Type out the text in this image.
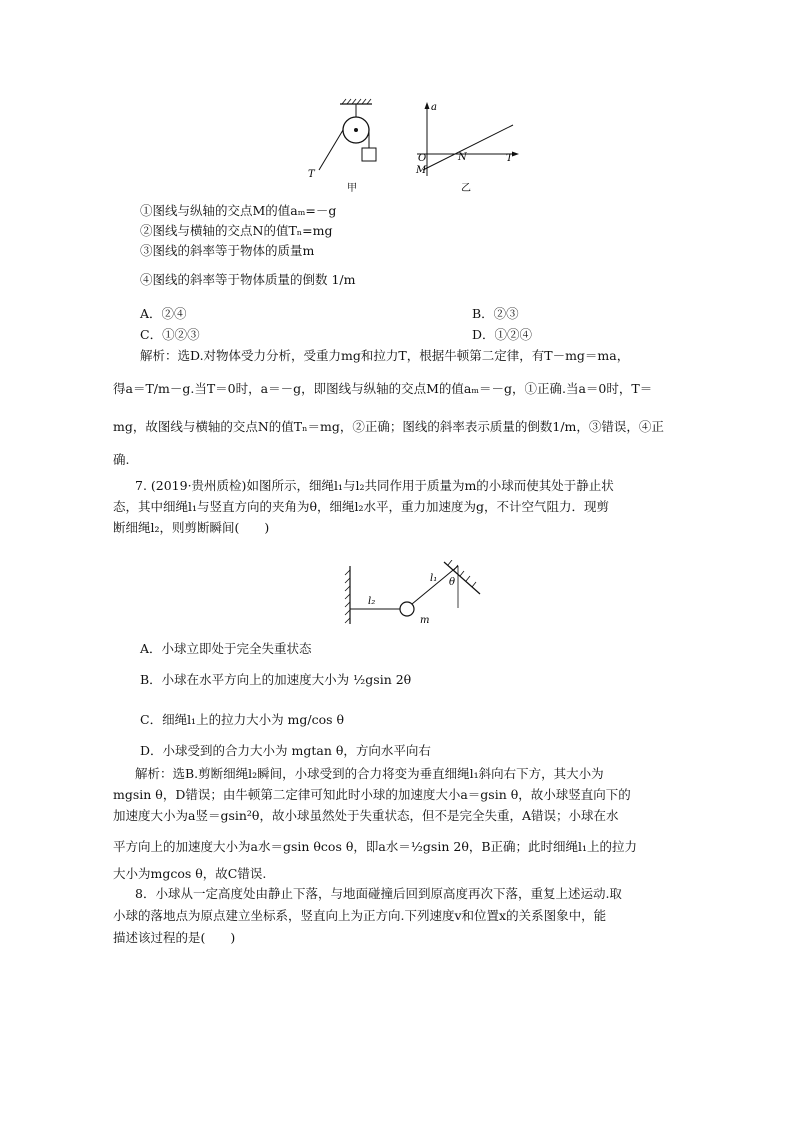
T
甲
a
O	N	T
M
乙
①图线与纵轴的交点M的值aₘ=－g
②图线与横轴的交点N的值Tₙ=mg
③图线的斜率等于物体的质量m
④图线的斜率等于物体质量的倒数 1/m
A．②④	B．②③
C．①②③	D．①②④
解析：选D.对物体受力分析，受重力mg和拉力T，根据牛顿第二定律，有T－mg＝ma，
得a＝T/m－g.当T＝0时，a＝－g，即图线与纵轴的交点M的值aₘ＝－g，①正确.当a＝0时，T＝
mg，故图线与横轴的交点N的值Tₙ＝mg，②正确；图线的斜率表示质量的倒数1/m，③错误，④正
确.
7. (2019·贵州质检)如图所示，细绳l₁与l₂共同作用于质量为m的小球而使其处于静止状
态，其中细绳l₁与竖直方向的夹角为θ，细绳l₂水平，重力加速度为g，不计空气阻力．现剪
断细绳l₂，则剪断瞬间(　　)
l₂
l₁ θ
m
A．小球立即处于完全失重状态
B．小球在水平方向上的加速度大小为 ½gsin 2θ
C．细绳l₁上的拉力大小为 mg/cos θ
D．小球受到的合力大小为 mgtan θ，方向水平向右
解析：选B.剪断细绳l₂瞬间，小球受到的合力将变为垂直细绳l₁斜向右下方，其大小为
mgsin θ，D错误；由牛顿第二定律可知此时小球的加速度大小a＝gsin θ，故小球竖直向下的
加速度大小为a竖＝gsin²θ，故小球虽然处于失重状态，但不是完全失重，A错误；小球在水
平方向上的加速度大小为a水＝gsin θcos θ，即a水＝½gsin 2θ，B正确；此时细绳l₁上的拉力
大小为mgcos θ，故C错误.
8．小球从一定高度处由静止下落，与地面碰撞后回到原高度再次下落，重复上述运动.取
小球的落地点为原点建立坐标系，竖直向上为正方向.下列速度v和位置x的关系图象中，能
描述该过程的是(　　)
